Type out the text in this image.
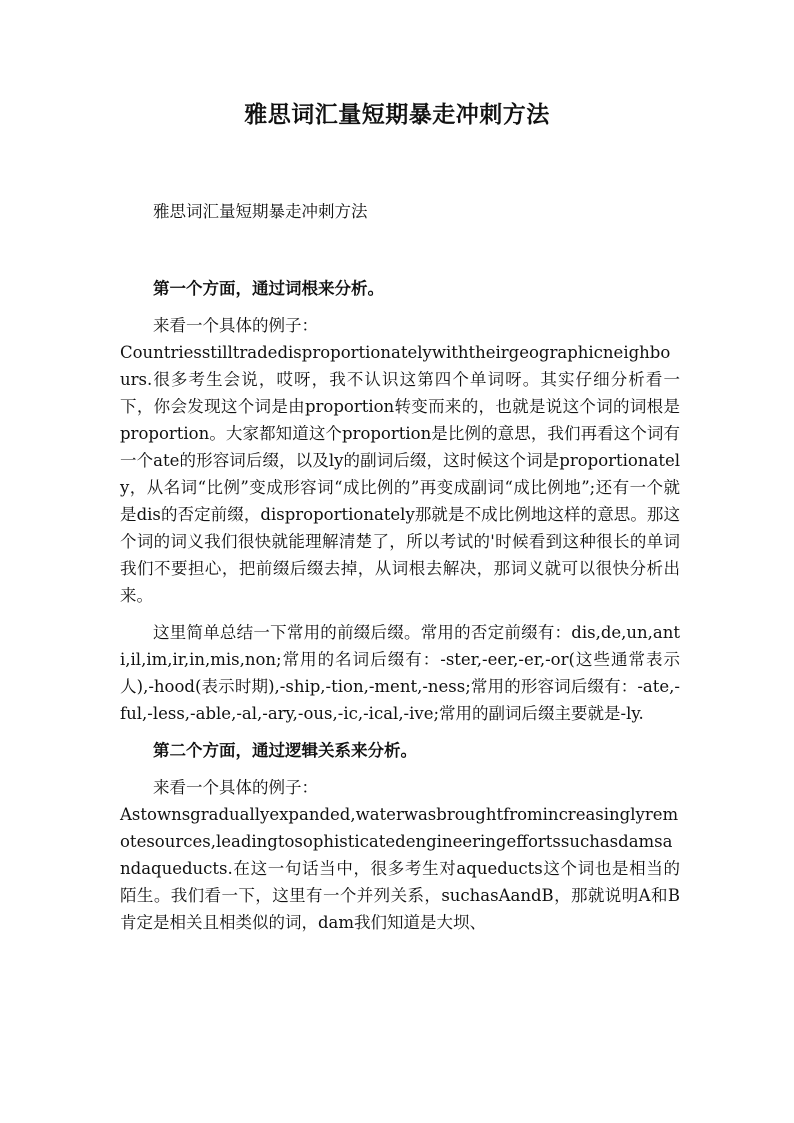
雅思词汇量短期暴走冲刺方法

雅思词汇量短期暴走冲刺方法

第一个方面，通过词根来分析。

来看一个具体的例子：

Countriesstilltradedisproportionatelywiththeirgeographicneighbours.很多考生会说，哎呀，我不认识这第四个单词呀。其实仔细分析看一下，你会发现这个词是由proportion转变而来的，也就是说这个词的词根是proportion。大家都知道这个proportion是比例的意思，我们再看这个词有一个ate的形容词后缀，以及ly的副词后缀，这时候这个词是proportionately，从名词“比例”变成形容词“成比例的”再变成副词“成比例地”;还有一个就是dis的否定前缀，disproportionately那就是不成比例地这样的意思。那这个词的词义我们很快就能理解清楚了，所以考试的'时候看到这种很长的单词我们不要担心，把前缀后缀去掉，从词根去解决，那词义就可以很快分析出来。

这里简单总结一下常用的前缀后缀。常用的否定前缀有：dis,de,un,anti,il,im,ir,in,mis,non;常用的名词后缀有：-ster,-eer,-er,-or(这些通常表示人),-hood(表示时期),-ship,-tion,-ment,-ness;常用的形容词后缀有：-ate,-ful,-less,-able,-al,-ary,-ous,-ic,-ical,-ive;常用的副词后缀主要就是-ly.

第二个方面，通过逻辑关系来分析。

来看一个具体的例子：

Astownsgraduallyexpanded,waterwasbroughtfromincreasinglyremotesources,leadingtosophisticatedengineeringeffortssuchasdamsandaqueducts.在这一句话当中，很多考生对aqueducts这个词也是相当的陌生。我们看一下，这里有一个并列关系，suchasAandB，那就说明A和B肯定是相关且相类似的词，dam我们知道是大坝、
